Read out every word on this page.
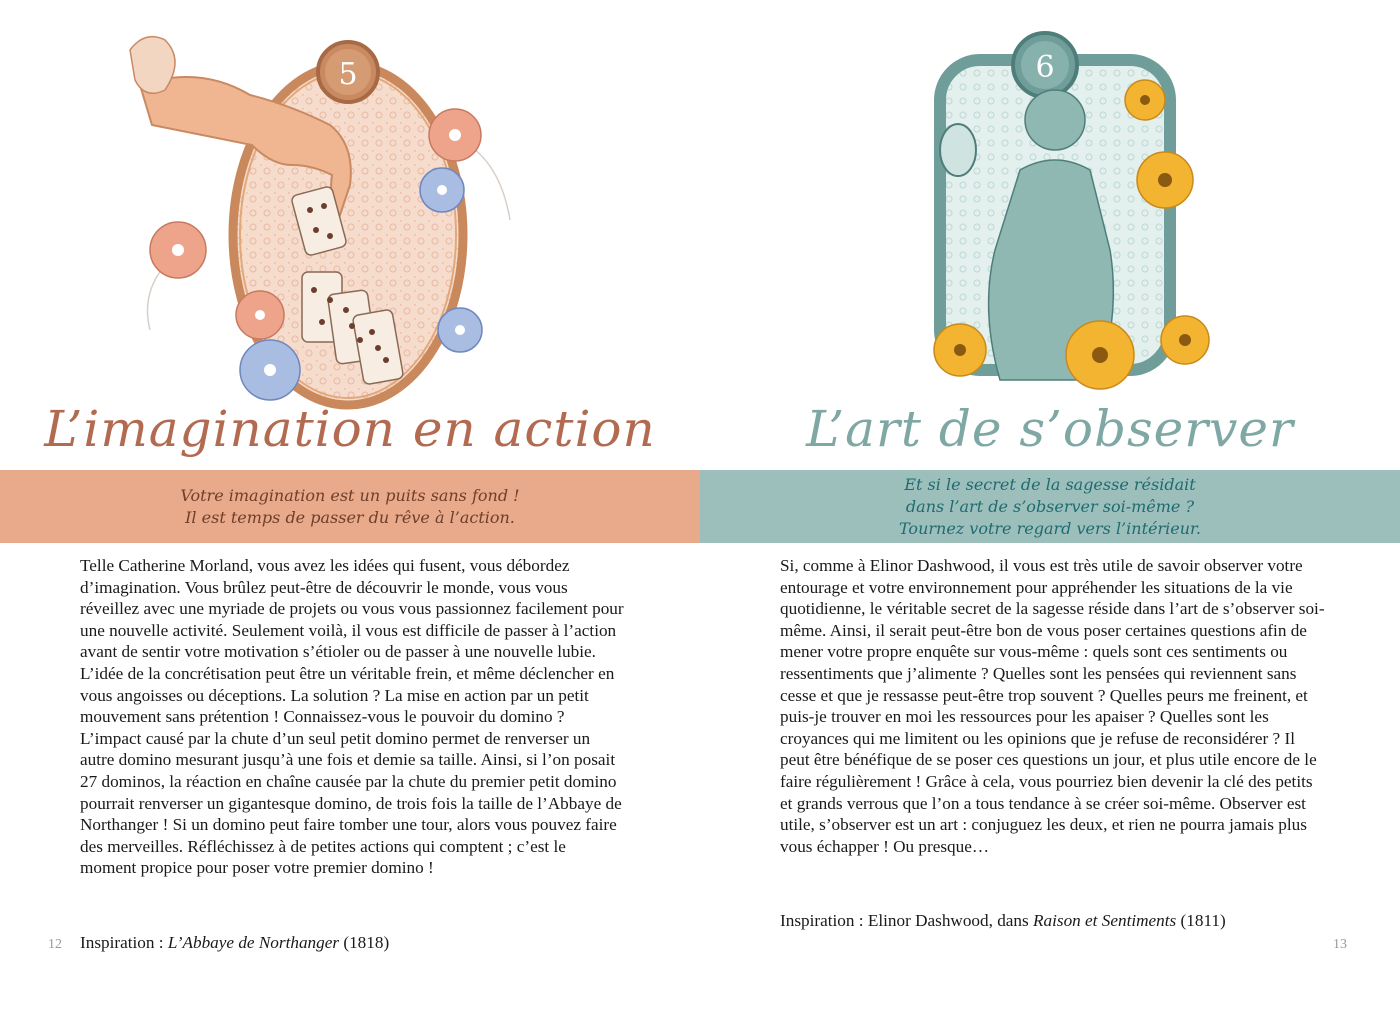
5
L’imagination en action
Votre imagination est un puits sans fond !
Il est temps de passer du rêve à l’action.

Telle Catherine Morland, vous avez les idées qui fusent, vous débordez d’imagination. Vous brûlez peut-être de découvrir le monde, vous vous réveillez avec une myriade de projets ou vous vous passionnez facilement pour une nouvelle activité. Seulement voilà, il vous est difficile de passer à l’action avant de sentir votre motivation s’étioler ou de passer à une nouvelle lubie. L’idée de la concrétisation peut être un véritable frein, et même déclencher en vous angoisses ou déceptions. La solution ? La mise en action par un petit mouvement sans prétention ! Connaissez-vous le pouvoir du domino ? L’impact causé par la chute d’un seul petit domino permet de renverser un autre domino mesurant jusqu’à une fois et demie sa taille. Ainsi, si l’on posait 27 dominos, la réaction en chaîne causée par la chute du premier petit domino pourrait renverser un gigantesque domino, de trois fois la taille de l’Abbaye de Northanger ! Si un domino peut faire tomber une tour, alors vous pouvez faire des merveilles. Réfléchissez à de petites actions qui comptent ; c’est le moment propice pour poser votre premier domino !

Inspiration : L’Abbaye de Northanger (1818)
12
6
L’art de s’observer
Et si le secret de la sagesse résidait
dans l’art de s’observer soi-même ?
Tournez votre regard vers l’intérieur.

Si, comme à Elinor Dashwood, il vous est très utile de savoir observer votre entourage et votre environnement pour appréhender les situations de la vie quotidienne, le véritable secret de la sagesse réside dans l’art de s’observer soi-même. Ainsi, il serait peut-être bon de vous poser certaines questions afin de mener votre propre enquête sur vous-même : quels sont ces sentiments ou ressentiments que j’alimente ? Quelles sont les pensées qui reviennent sans cesse et que je ressasse peut-être trop souvent ? Quelles peurs me freinent, et puis-je trouver en moi les ressources pour les apaiser ? Quelles sont les croyances qui me limitent ou les opinions que je refuse de reconsidérer ? Il peut être bénéfique de se poser ces questions un jour, et plus utile encore de le faire régulièrement ! Grâce à cela, vous pourriez bien devenir la clé des petits et grands verrous que l’on a tous tendance à se créer soi-même. Observer est utile, s’observer est un art : conjuguez les deux, et rien ne pourra jamais plus vous échapper ! Ou presque…

Inspiration : Elinor Dashwood, dans Raison et Sentiments (1811)
13
